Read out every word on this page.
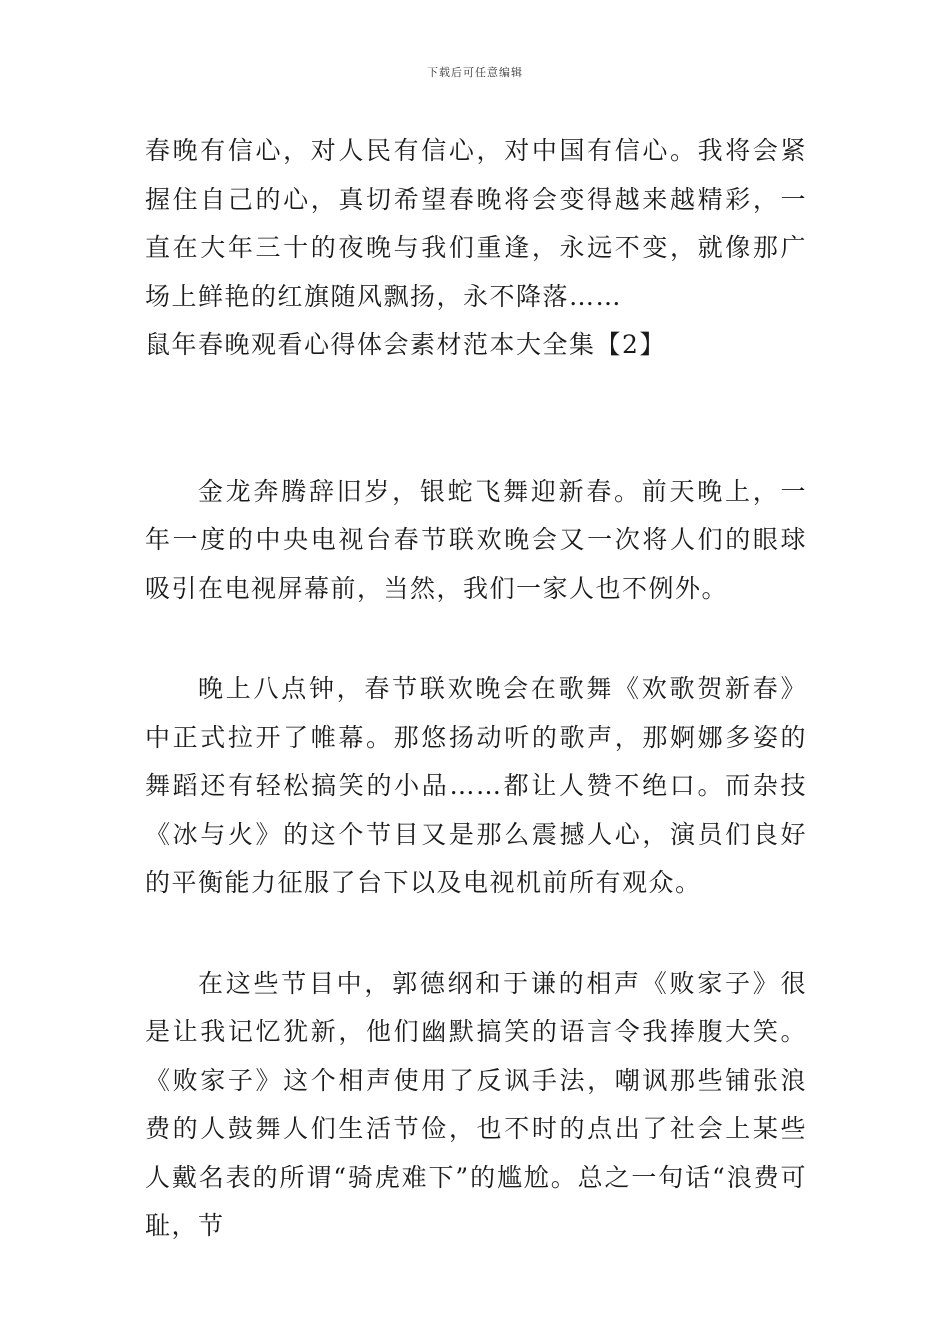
下载后可任意编辑

春晚有信心，对人民有信心，对中国有信心。我将会紧握住自己的心，真切希望春晚将会变得越来越精彩，一直在大年三十的夜晚与我们重逢，永远不变，就像那广场上鲜艳的红旗随风飘扬，永不降落……

鼠年春晚观看心得体会素材范本大全集【2】

金龙奔腾辞旧岁，银蛇飞舞迎新春。前天晚上，一年一度的中央电视台春节联欢晚会又一次将人们的眼球吸引在电视屏幕前，当然，我们一家人也不例外。

晚上八点钟，春节联欢晚会在歌舞《欢歌贺新春》中正式拉开了帷幕。那悠扬动听的歌声，那婀娜多姿的舞蹈还有轻松搞笑的小品……都让人赞不绝口。而杂技《冰与火》的这个节目又是那么震撼人心，演员们良好的平衡能力征服了台下以及电视机前所有观众。

在这些节目中，郭德纲和于谦的相声《败家子》很是让我记忆犹新，他们幽默搞笑的语言令我捧腹大笑。《败家子》这个相声使用了反讽手法，嘲讽那些铺张浪费的人鼓舞人们生活节俭，也不时的点出了社会上某些人戴名表的所谓“骑虎难下”的尴尬。总之一句话“浪费可耻，节
